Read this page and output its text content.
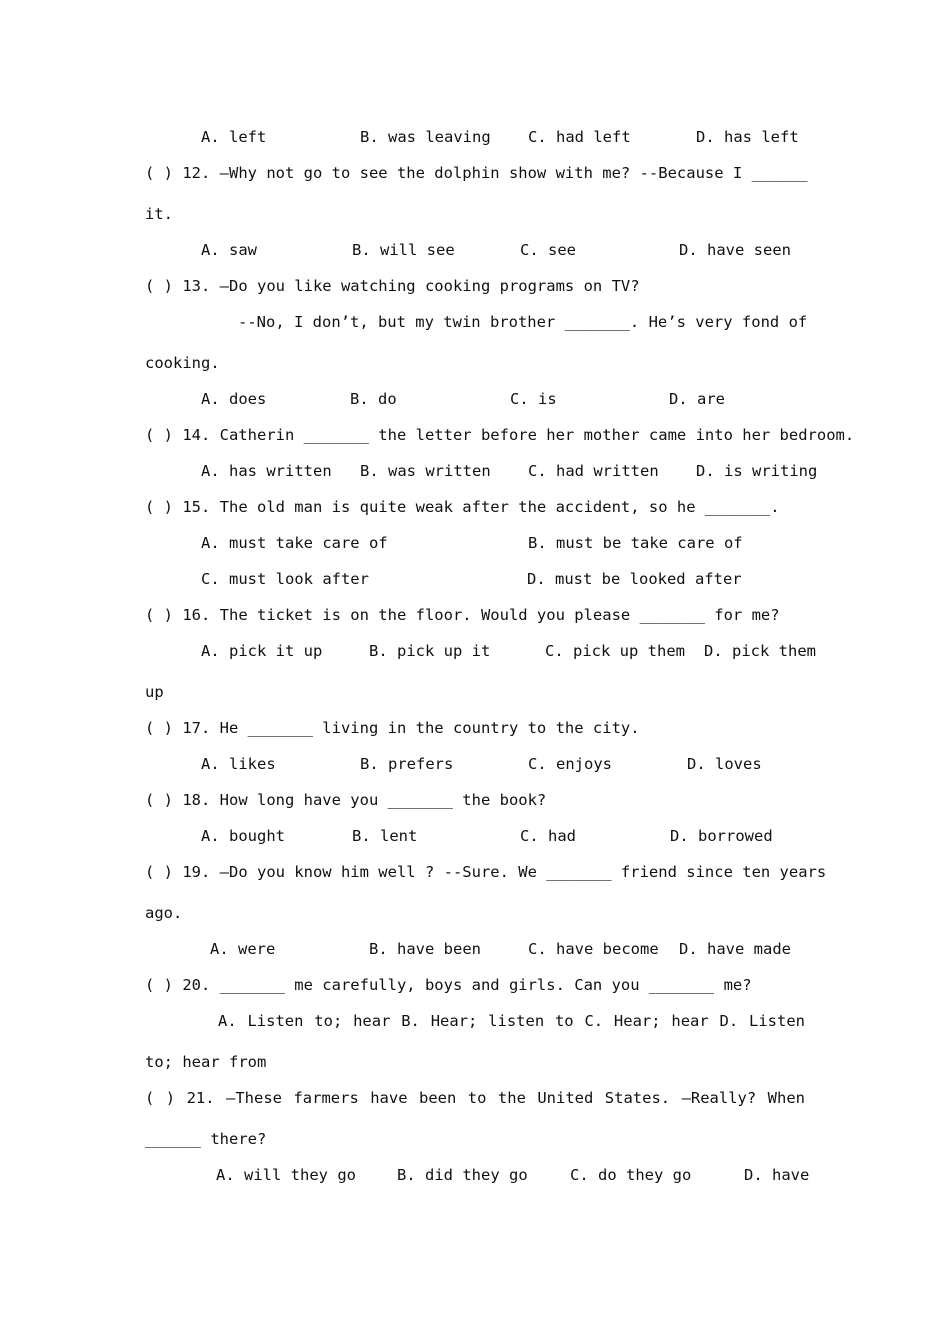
A. left

	B. was leaving

C. had left

	D. has left

( ) 12. –Why not go to see the dolphin show with me? --Because I ______
it.

A. saw

	B. will see

	C. see

	D. have seen

( ) 13. –Do you like watching cooking programs on TV?
--No, I don’t, but my twin brother _______. He’s very fond of
cooking.

A. does

	B. do

	C. is

	D. are

( ) 14. Catherin _______ the letter before her mother came into her bedroom.

A. has written

B. was written

C. had written

D. is writing

( ) 15. The old man is quite weak after the accident, so he _______.

A. must take care of

	B. must be take care of

C. must look after

	D. must be looked after

( ) 16. The ticket is on the floor. Would you please _______ for me?

A. pick it up

	B. pick up it

	C. pick up them

D. pick them

up
( ) 17. He _______ living in the country to the city.

A. likes

	B. prefers

	C. enjoys

	D. loves

( ) 18. How long have you _______ the book?

A. bought

	B. lent

	C. had

	D. borrowed

( ) 19. –Do you know him well ? --Sure. We _______ friend since ten years
ago.

A. were

	B. have been

	C. have become

D. have made

( ) 20. _______ me carefully, boys and girls. Can you _______ me?
A. Listen to; hear B. Hear; listen to C. Hear; hear D. Listen
to; hear from
( ) 21. –These farmers have been to the United States. –Really? When
______ there?

A. will they go

	B. did they go

	C. do they go

	D. have
